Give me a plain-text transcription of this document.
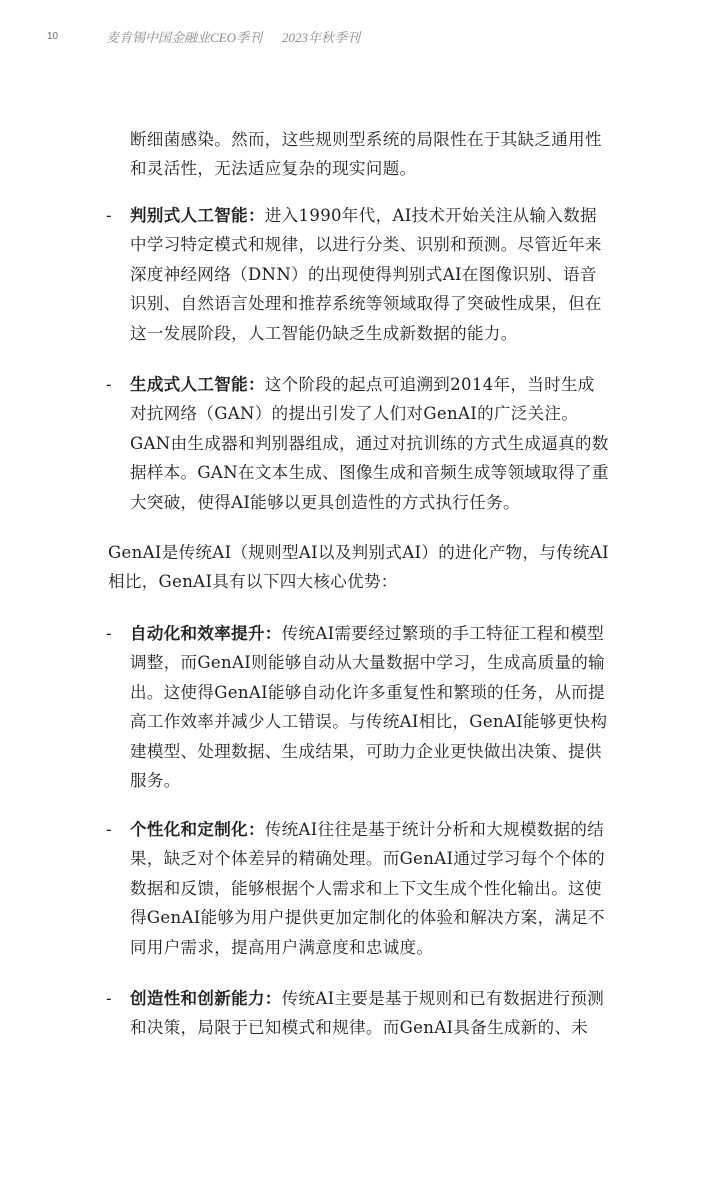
10	麦肯锡中国金融业CEO季刊 2023年秋季刊

断细菌感染。然而，这些规则型系统的局限性在于其缺乏通用性和灵活性，无法适应复杂的现实问题。

- 判别式人工智能：进入1990年代，AI技术开始关注从输入数据中学习特定模式和规律，以进行分类、识别和预测。尽管近年来深度神经网络（DNN）的出现使得判别式AI在图像识别、语音识别、自然语言处理和推荐系统等领域取得了突破性成果，但在这一发展阶段，人工智能仍缺乏生成新数据的能力。
- 生成式人工智能：这个阶段的起点可追溯到2014年，当时生成对抗网络（GAN）的提出引发了人们对GenAI的广泛关注。GAN由生成器和判别器组成，通过对抗训练的方式生成逼真的数据样本。GAN在文本生成、图像生成和音频生成等领域取得了重大突破，使得AI能够以更具创造性的方式执行任务。

GenAI是传统AI（规则型AI以及判别式AI）的进化产物，与传统AI相比，GenAI具有以下四大核心优势：

- 自动化和效率提升：传统AI需要经过繁琐的手工特征工程和模型调整，而GenAI则能够自动从大量数据中学习，生成高质量的输出。这使得GenAI能够自动化许多重复性和繁琐的任务，从而提高工作效率并减少人工错误。与传统AI相比，GenAI能够更快构建模型、处理数据、生成结果，可助力企业更快做出决策、提供服务。
- 个性化和定制化：传统AI往往是基于统计分析和大规模数据的结果，缺乏对个体差异的精确处理。而GenAI通过学习每个个体的数据和反馈，能够根据个人需求和上下文生成个性化输出。这使得GenAI能够为用户提供更加定制化的体验和解决方案，满足不同用户需求，提高用户满意度和忠诚度。
- 创造性和创新能力：传统AI主要是基于规则和已有数据进行预测和决策，局限于已知模式和规律。而GenAI具备生成新的、未
